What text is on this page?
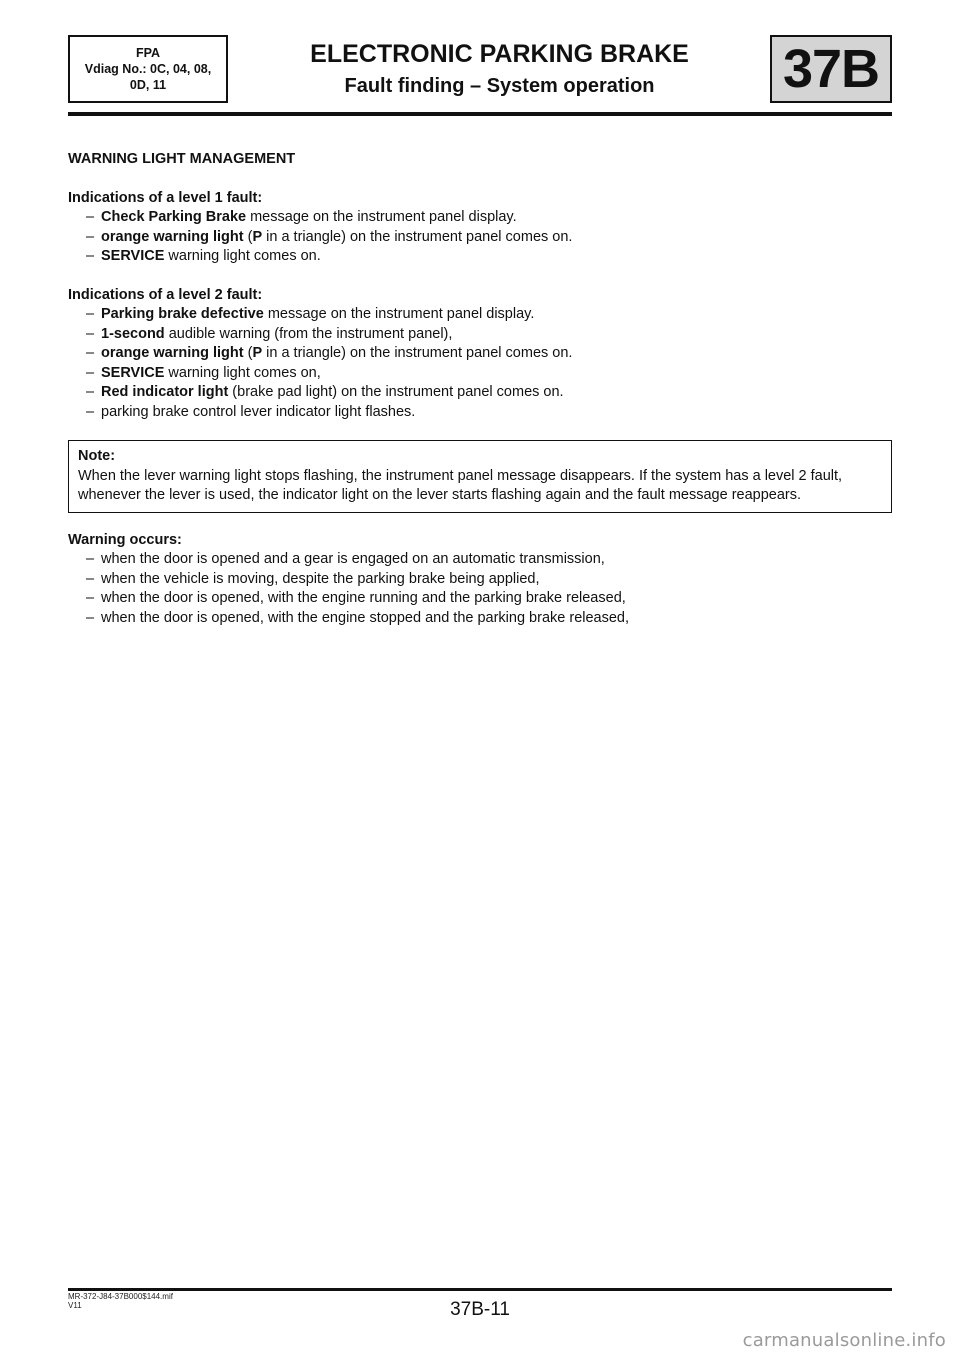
FPA
Vdiag No.: 0C, 04, 08,
0D, 11
ELECTRONIC PARKING BRAKE
Fault finding – System operation	37B
WARNING LIGHT MANAGEMENT
Indications of a level 1 fault:
– Check Parking Brake message on the instrument panel display.
– orange warning light (P in a triangle) on the instrument panel comes on.
– SERVICE warning light comes on.
Indications of a level 2 fault:
– Parking brake defective message on the instrument panel display.
– 1-second audible warning (from the instrument panel),
– orange warning light (P in a triangle) on the instrument panel comes on.
– SERVICE warning light comes on,
– Red indicator light (brake pad light) on the instrument panel comes on.
– parking brake control lever indicator light flashes.
Note:
When the lever warning light stops flashing, the instrument panel message disappears. If the system has a level 2 fault, whenever the lever is used, the indicator light on the lever starts flashing again and the fault message reappears.
Warning occurs:
– when the door is opened and a gear is engaged on an automatic transmission,
– when the vehicle is moving, despite the parking brake being applied,
– when the door is opened, with the engine running and the parking brake released,
– when the door is opened, with the engine stopped and the parking brake released,
MR-372-J84-37B000$144.mif
V11	37B-11
carmanualsonline.info
